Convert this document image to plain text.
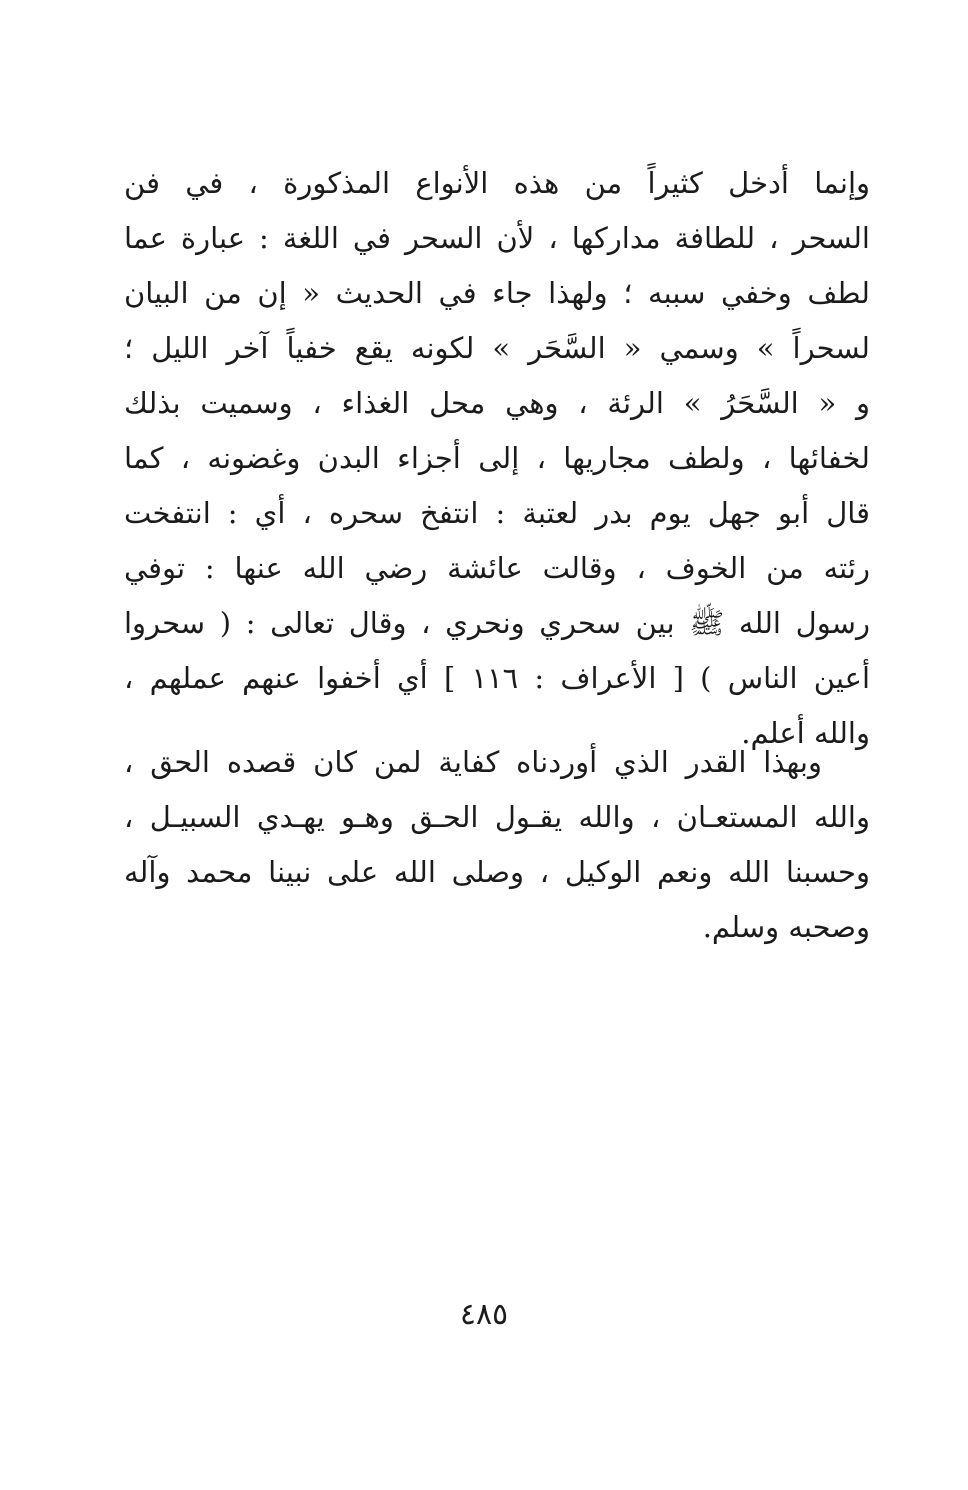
وإنما أدخل كثيراً من هذه الأنواع المذكورة ، في فن
السحر ، للطافة مداركها ، لأن السحر في اللغة : عبارة عما
لطف وخفي سببه ؛ ولهذا جاء في الحديث « إن من البيان
لسحراً » وسمي « السَّحَر » لكونه يقع خفياً آخر الليل ؛
و « السَّحَرُ » الرئة ، وهي محل الغذاء ، وسميت بذلك
لخفائها ، ولطف مجاريها ، إلى أجزاء البدن وغضونه ، كما
قال أبو جهل يوم بدر لعتبة : انتفخ سحره ، أي : انتفخت
رئته من الخوف ، وقالت عائشة رضي الله عنها : توفي
رسول الله ﷺ بين سحري ونحري ، وقال تعالى : ( سحروا
أعين الناس ) [ الأعراف : ١١٦ ] أي أخفوا عنهم عملهم ،
والله أعلم.
وبهذا القدر الذي أوردناه كفاية لمن كان قصده الحق ،
والله المستعـان ، والله يقـول الحـق وهـو يهـدي السبيـل ،
وحسبنا الله ونعم الوكيل ، وصلى الله على نبينا محمد وآله
وصحبه وسلم.
٤٨٥
